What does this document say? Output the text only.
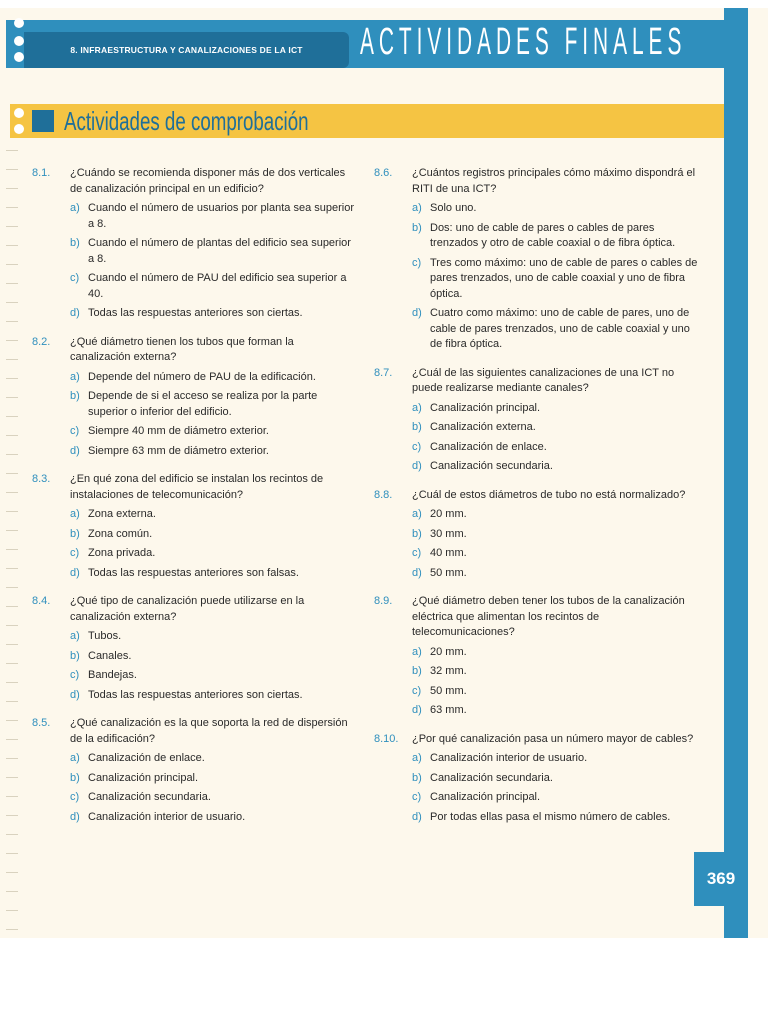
8. INFRAESTRUCTURA Y CANALIZACIONES DE LA ICT	ACTIVIDADES FINALES
Actividades de comprobación
8.1.	¿Cuándo se recomienda disponer más de dos verticales de canalización principal en un edificio?
a) Cuando el número de usuarios por planta sea superior a 8.
b) Cuando el número de plantas del edificio sea superior a 8.
c) Cuando el número de PAU del edificio sea superior a 40.
d) Todas las respuestas anteriores son ciertas.
8.2.	¿Qué diámetro tienen los tubos que forman la canalización externa?
a) Depende del número de PAU de la edificación.
b) Depende de si el acceso se realiza por la parte superior o inferior del edificio.
c) Siempre 40 mm de diámetro exterior.
d) Siempre 63 mm de diámetro exterior.
8.3.	¿En qué zona del edificio se instalan los recintos de instalaciones de telecomunicación?
a) Zona externa.
b) Zona común.
c) Zona privada.
d) Todas las respuestas anteriores son falsas.
8.4.	¿Qué tipo de canalización puede utilizarse en la canalización externa?
a) Tubos.
b) Canales.
c) Bandejas.
d) Todas las respuestas anteriores son ciertas.
8.5.	¿Qué canalización es la que soporta la red de dispersión de la edificación?
a) Canalización de enlace.
b) Canalización principal.
c) Canalización secundaria.
d) Canalización interior de usuario.
8.6.	¿Cuántos registros principales cómo máximo dispondrá el RITI de una ICT?
a) Solo uno.
b) Dos: uno de cable de pares o cables de pares trenzados y otro de cable coaxial o de fibra óptica.
c) Tres como máximo: uno de cable de pares o cables de pares trenzados, uno de cable coaxial y uno de fibra óptica.
d) Cuatro como máximo: uno de cable de pares, uno de cable de pares trenzados, uno de cable coaxial y uno de fibra óptica.
8.7.	¿Cuál de las siguientes canalizaciones de una ICT no puede realizarse mediante canales?
a) Canalización principal.
b) Canalización externa.
c) Canalización de enlace.
d) Canalización secundaria.
8.8.	¿Cuál de estos diámetros de tubo no está normalizado?
a) 20 mm.
b) 30 mm.
c) 40 mm.
d) 50 mm.
8.9.	¿Qué diámetro deben tener los tubos de la canalización eléctrica que alimentan los recintos de telecomunicaciones?
a) 20 mm.
b) 32 mm.
c) 50 mm.
d) 63 mm.
8.10.	¿Por qué canalización pasa un número mayor de cables?
a) Canalización interior de usuario.
b) Canalización secundaria.
c) Canalización principal.
d) Por todas ellas pasa el mismo número de cables.
369
